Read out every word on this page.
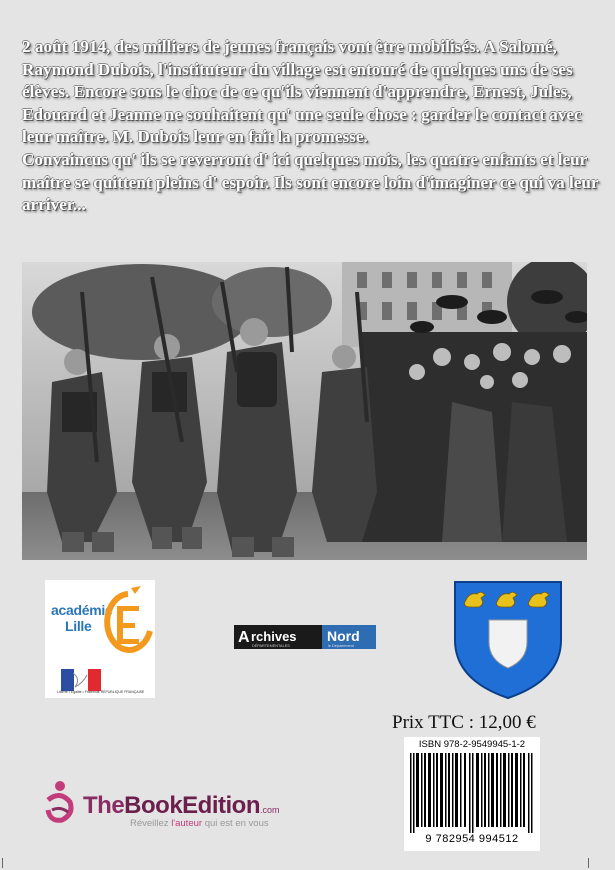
2 août 1914, des milliers de jeunes français vont être mobilisés. A Salomé, Raymond Dubois, l'instituteur du village est entouré de quelques uns de ses élèves. Encore sous le choc de ce qu'ils viennent d'apprendre, Ernest, Jules, Edouard et Jeanne ne souhaitent qu' une seule chose : garder le contact avec leur maître. M. Dubois leur en fait la promesse.

Convaincus qu' ils se reverront d' ici quelques mois, les quatre enfants et leur maître se quittent pleins d' espoir. Ils sont encore loin d'imaginer ce qui va leur arriver...

académie
Lille
Liberté • Égalité • Fraternité RÉPUBLIQUE FRANÇAISE
A rchives
DÉPARTEMENTALES
Nord
le Département
Prix TTC : 12,00 €
ISBN 978-2-9549945-1-2
9 782954 994512
TheBookEdition.com
Réveillez l'auteur qui est en vous
